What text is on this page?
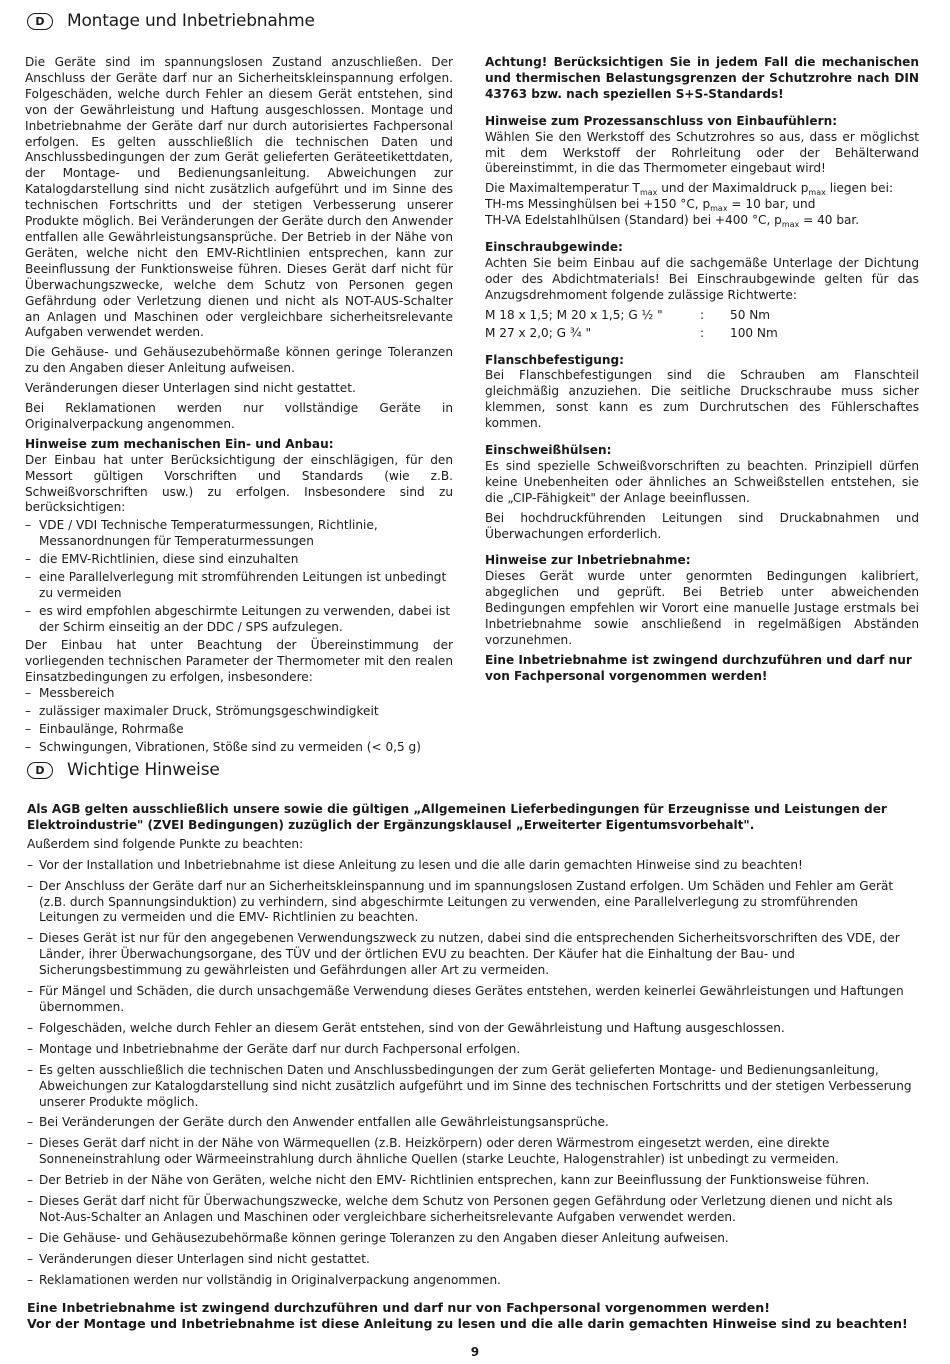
D	Montage und Inbetriebnahme

Die Geräte sind im spannungslosen Zustand anzuschließen. Der Anschluss der Geräte darf nur an Sicherheitskleinspannung erfolgen. Folgeschäden, welche durch Fehler an diesem Gerät entstehen, sind von der Gewährleistung und Haftung ausgeschlossen. Montage und Inbetriebnahme der Geräte darf nur durch autorisiertes Fachpersonal erfolgen. Es gelten ausschließlich die technischen Daten und Anschlussbedingungen der zum Gerät gelieferten Geräteetikettdaten, der Montage- und Bedienungsanleitung. Abweichungen zur Katalogdarstellung sind nicht zusätzlich aufgeführt und im Sinne des technischen Fortschritts und der stetigen Verbesserung unserer Produkte möglich. Bei Veränderungen der Geräte durch den Anwender entfallen alle Gewährleistungsansprüche. Der Betrieb in der Nähe von Geräten, welche nicht den EMV-Richtlinien entsprechen, kann zur Beeinflussung der Funktionsweise führen. Dieses Gerät darf nicht für Überwachungszwecke, welche dem Schutz von Personen gegen Gefährdung oder Verletzung dienen und nicht als NOT-AUS-Schalter an Anlagen und Maschinen oder vergleichbare sicherheitsrelevante Aufgaben verwendet werden.

Die Gehäuse- und Gehäusezubehörmaße können geringe Toleranzen zu den Angaben dieser Anleitung aufweisen.

Veränderungen dieser Unterlagen sind nicht gestattet.

Bei Reklamationen werden nur vollständige Geräte in Originalverpackung angenommen.

Hinweise zum mechanischen Ein- und Anbau:

Der Einbau hat unter Berücksichtigung der einschlägigen, für den Messort gültigen Vorschriften und Standards (wie z.B. Schweißvorschriften usw.) zu erfolgen. Insbesondere sind zu berücksichtigen:

– VDE / VDI Technische Temperaturmessungen, Richtlinie, Messanordnungen für Temperaturmessungen
– die EMV-Richtlinien, diese sind einzuhalten
– eine Parallelverlegung mit stromführenden Leitungen ist unbedingt zu vermeiden
– es wird empfohlen abgeschirmte Leitungen zu verwenden, dabei ist der Schirm einseitig an der DDC / SPS aufzulegen.

Der Einbau hat unter Beachtung der Übereinstimmung der vorliegenden technischen Parameter der Thermometer mit den realen Einsatzbedingungen zu erfolgen, insbesondere:

– Messbereich
– zulässiger maximaler Druck, Strömungsgeschwindigkeit
– Einbaulänge, Rohrmaße
– Schwingungen, Vibrationen, Stöße sind zu vermeiden (< 0,5 g)

Achtung! Berücksichtigen Sie in jedem Fall die mechanischen und thermischen Belastungsgrenzen der Schutzrohre nach DIN 43763 bzw. nach speziellen S+S-Standards!

Hinweise zum Prozessanschluss von Einbaufühlern:

Wählen Sie den Werkstoff des Schutzrohres so aus, dass er möglichst mit dem Werkstoff der Rohrleitung oder der Behälterwand übereinstimmt, in die das Thermometer eingebaut wird!

Die Maximaltemperatur $T_{max}$ und der Maximaldruck $p_{max}$ liegen bei:

TH-ms Messinghülsen bei +150 °C, $p_{max} = 10$ bar, und

TH-VA Edelstahlhülsen (Standard) bei +400 °C, $p_{max} = 40$ bar.

Einschraubgewinde:

Achten Sie beim Einbau auf die sachgemäße Unterlage der Dichtung oder des Abdichtmaterials! Bei Einschraubgewinde gelten für das Anzugsdrehmoment folgende zulässige Richtwerte:

M 18 x 1,5; M 20 x 1,5; G ½ "	:	50 Nm
M 27 x 2,0; G ¾ "	:	100 Nm

Flanschbefestigung:

Bei Flanschbefestigungen sind die Schrauben am Flanschteil gleichmäßig anzuziehen. Die seitliche Druckschraube muss sicher klemmen, sonst kann es zum Durchrutschen des Fühlerschaftes kommen.

Einschweißhülsen:

Es sind spezielle Schweißvorschriften zu beachten. Prinzipiell dürfen keine Unebenheiten oder ähnliches an Schweißstellen entstehen, sie die „CIP-Fähigkeit" der Anlage beeinflussen.

Bei hochdruckführenden Leitungen sind Druckabnahmen und Überwachungen erforderlich.

Hinweise zur Inbetriebnahme:

Dieses Gerät wurde unter genormten Bedingungen kalibriert, abgeglichen und geprüft. Bei Betrieb unter abweichenden Bedingungen empfehlen wir Vorort eine manuelle Justage erstmals bei Inbetriebnahme sowie anschließend in regelmäßigen Abständen vorzunehmen.

Eine Inbetriebnahme ist zwingend durchzuführen und darf nur von Fachpersonal vorgenommen werden!

D	Wichtige Hinweise

Als AGB gelten ausschließlich unsere sowie die gültigen „Allgemeinen Lieferbedingungen für Erzeugnisse und Leistungen der Elektroindustrie" (ZVEI Bedingungen) zuzüglich der Ergänzungsklausel „Erweiterter Eigentumsvorbehalt".

Außerdem sind folgende Punkte zu beachten:

– Vor der Installation und Inbetriebnahme ist diese Anleitung zu lesen und die alle darin gemachten Hinweise sind zu beachten!
– Der Anschluss der Geräte darf nur an Sicherheitskleinspannung und im spannungslosen Zustand erfolgen. Um Schäden und Fehler am Gerät (z.B. durch Spannungsinduktion) zu verhindern, sind abgeschirmte Leitungen zu verwenden, eine Parallelverlegung zu stromführenden Leitungen zu vermeiden und die EMV- Richtlinien zu beachten.
– Dieses Gerät ist nur für den angegebenen Verwendungszweck zu nutzen, dabei sind die entsprechenden Sicherheitsvorschriften des VDE, der Länder, ihrer Überwachungsorgane, des TÜV und der örtlichen EVU zu beachten. Der Käufer hat die Einhaltung der Bau- und Sicherungsbestimmung zu gewährleisten und Gefährdungen aller Art zu vermeiden.
– Für Mängel und Schäden, die durch unsachgemäße Verwendung dieses Gerätes entstehen, werden keinerlei Gewährleistungen und Haftungen übernommen.
– Folgeschäden, welche durch Fehler an diesem Gerät entstehen, sind von der Gewährleistung und Haftung ausgeschlossen.
– Montage und Inbetriebnahme der Geräte darf nur durch Fachpersonal erfolgen.
– Es gelten ausschließlich die technischen Daten und Anschlussbedingungen der zum Gerät gelieferten Montage- und Bedienungsanleitung, Abweichungen zur Katalogdarstellung sind nicht zusätzlich aufgeführt und im Sinne des technischen Fortschritts und der stetigen Verbesserung unserer Produkte möglich.
– Bei Veränderungen der Geräte durch den Anwender entfallen alle Gewährleistungsansprüche.
– Dieses Gerät darf nicht in der Nähe von Wärmequellen (z.B. Heizkörpern) oder deren Wärmestrom eingesetzt werden, eine direkte Sonneneinstrahlung oder Wärmeeinstrahlung durch ähnliche Quellen (starke Leuchte, Halogenstrahler) ist unbedingt zu vermeiden.
– Der Betrieb in der Nähe von Geräten, welche nicht den EMV- Richtlinien entsprechen, kann zur Beeinflussung der Funktionsweise führen.
– Dieses Gerät darf nicht für Überwachungszwecke, welche dem Schutz von Personen gegen Gefährdung oder Verletzung dienen und nicht als Not-Aus-Schalter an Anlagen und Maschinen oder vergleichbare sicherheitsrelevante Aufgaben verwendet werden.
– Die Gehäuse- und Gehäusezubehörmaße können geringe Toleranzen zu den Angaben dieser Anleitung aufweisen.
– Veränderungen dieser Unterlagen sind nicht gestattet.
– Reklamationen werden nur vollständig in Originalverpackung angenommen.

Eine Inbetriebnahme ist zwingend durchzuführen und darf nur von Fachpersonal vorgenommen werden!

Vor der Montage und Inbetriebnahme ist diese Anleitung zu lesen und die alle darin gemachten Hinweise sind zu beachten!

9
